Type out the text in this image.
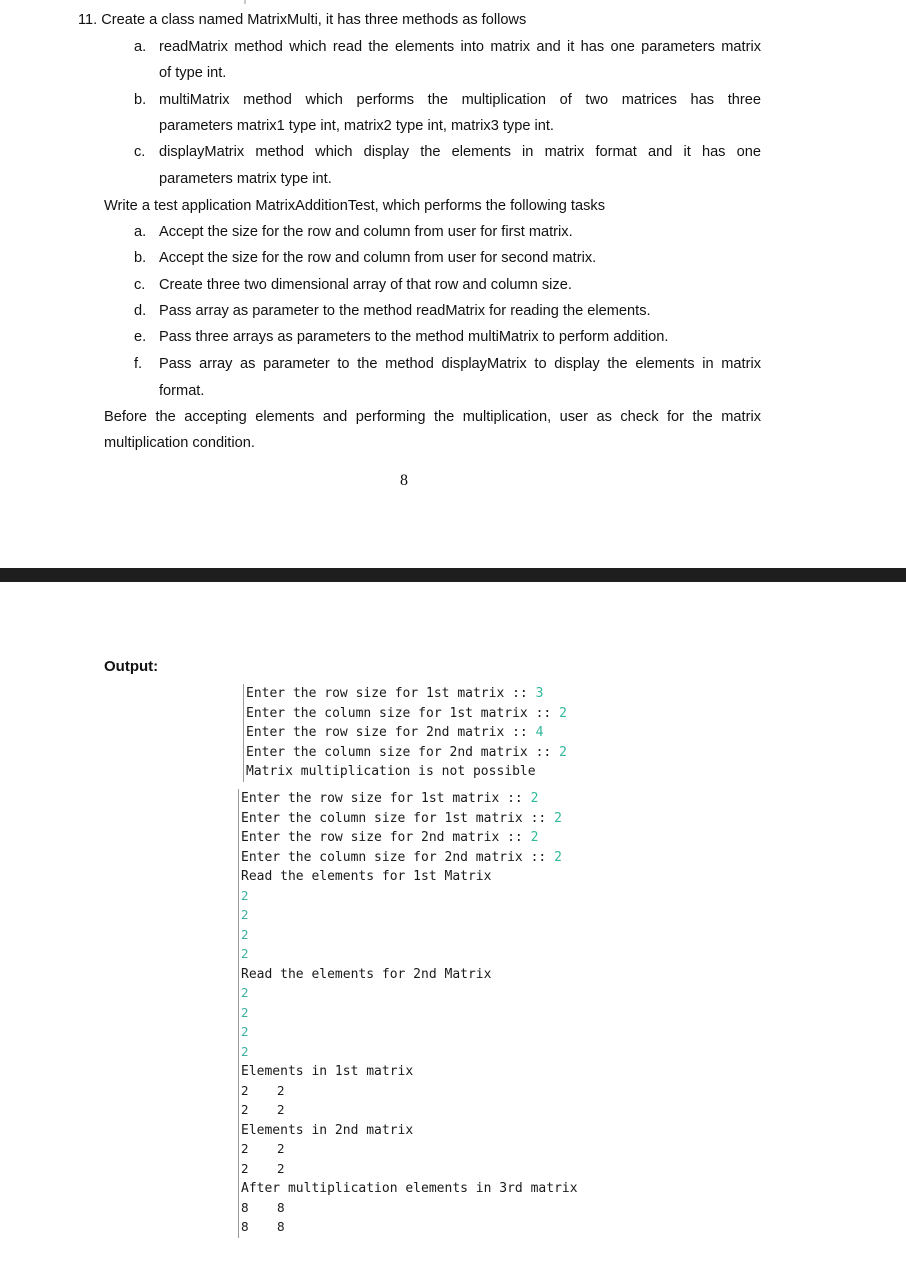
11. Create a class named MatrixMulti, it has three methods as follows
a. readMatrix method which read the elements into matrix and it has one parameters matrix
of type int.
b. multiMatrix method which performs the multiplication of two matrices has three
parameters matrix1 type int, matrix2 type int, matrix3 type int.
c. displayMatrix method which display the elements in matrix format and it has one
parameters matrix type int.
Write a test application MatrixAdditionTest, which performs the following tasks
a. Accept the size for the row and column from user for first matrix.
b. Accept the size for the row and column from user for second matrix.
c. Create three two dimensional array of that row and column size.
d. Pass array as parameter to the method readMatrix for reading the elements.
e. Pass three arrays as parameters to the method multiMatrix to perform addition.
f. Pass array as parameter to the method displayMatrix to display the elements in matrix
format.
Before the accepting elements and performing the multiplication, user as check for the matrix
multiplication condition.
8
Output:
Enter the row size for 1st matrix :: 3
Enter the column size for 1st matrix :: 2
Enter the row size for 2nd matrix :: 4
Enter the column size for 2nd matrix :: 2
Matrix multiplication is not possible
Enter the row size for 1st matrix :: 2
Enter the column size for 1st matrix :: 2
Enter the row size for 2nd matrix :: 2
Enter the column size for 2nd matrix :: 2
Read the elements for 1st Matrix
2
2
2
2
Read the elements for 2nd Matrix
2
2
2
2
Elements in 1st matrix
2 2
2 2
Elements in 2nd matrix
2 2
2 2
After multiplication elements in 3rd matrix
8 8
8 8
